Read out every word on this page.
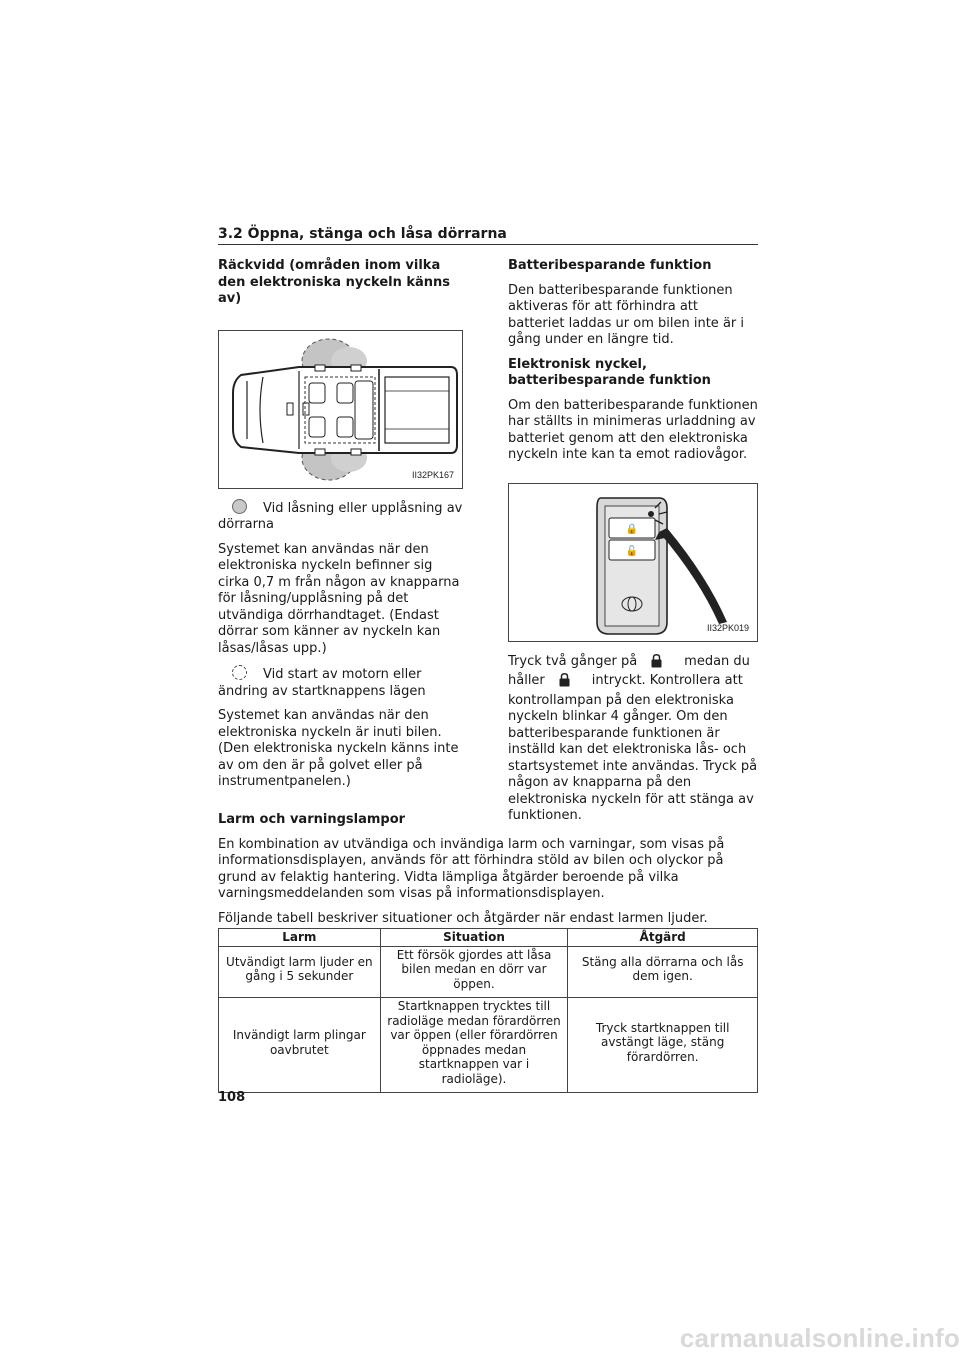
3.2 Öppna, stänga och låsa dörrarna
Räckvidd (områden inom vilka den elektroniska nyckeln känns av)
II32PK167

Vid låsning eller upplåsning av dörrarna

Systemet kan användas när den elektroniska nyckeln befinner sig cirka 0,7 m från någon av knapparna för låsning/upplåsning på det utvändiga dörrhandtaget. (Endast dörrar som känner av nyckeln kan låsas/låsas upp.)

Vid start av motorn eller ändring av startknappens lägen

Systemet kan användas när den elektroniska nyckeln är inuti bilen. (Den elektroniska nyckeln känns inte av om den är på golvet eller på instrumentpanelen.)

Batteribesparande funktion

Den batteribesparande funktionen aktiveras för att förhindra att batteriet laddas ur om bilen inte är i gång under en längre tid.

Elektronisk nyckel, batteribesparande funktion

Om den batteribesparande funktionen har ställts in minimeras urladdning av batteriet genom att den elektroniska nyckeln inte kan ta emot radiovågor.

🔒
🔓
II32PK019

Tryck två gånger på	medan du
håller	intryckt. Kontrollera att kontrollampan på den elektroniska nyckeln blinkar 4 gånger. Om den batteribesparande funktionen är inställd kan det elektroniska lås- och startsystemet inte användas. Tryck på någon av knapparna på den elektroniska nyckeln för att stänga av funktionen.

Larm och varningslampor

En kombination av utvändiga och invändiga larm och varningar, som visas på informationsdisplayen, används för att förhindra stöld av bilen och olyckor på grund av felaktig hantering. Vidta lämpliga åtgärder beroende på vilka varningsmeddelanden som visas på informationsdisplayen.

Följande tabell beskriver situationer och åtgärder när endast larmen ljuder.

Larm	Situation	Åtgärd
Utvändigt larm ljuder en gång i 5 sekunder	Ett försök gjordes att låsa bilen medan en dörr var öppen.	Stäng alla dörrarna och lås dem igen.
Invändigt larm plingar oavbrutet	Startknappen trycktes till radioläge medan förardörren var öppen (eller förardörren öppnades medan startknappen var i radioläge).	Tryck startknappen till avstängt läge, stäng förardörren.
108
carmanualsonline.info
